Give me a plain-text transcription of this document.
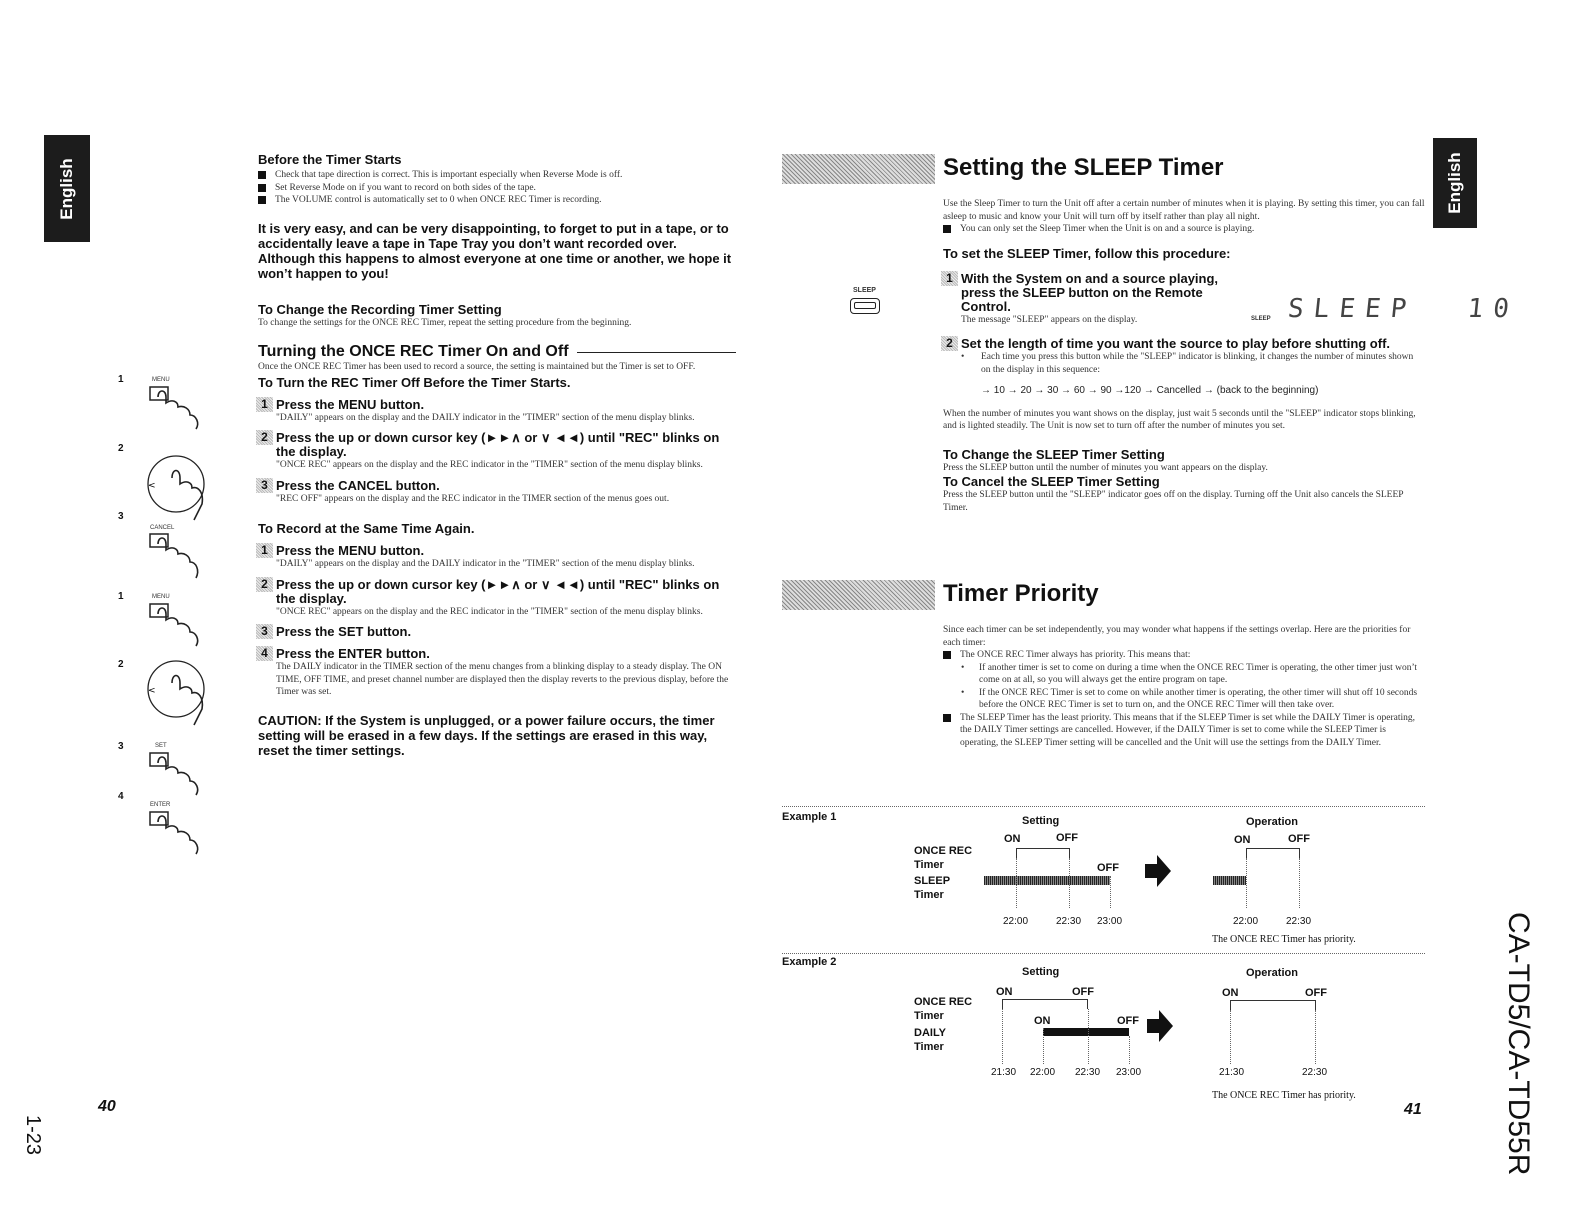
English	English
1	MENU
2
<
3
CANCEL
1	MENU
2
<
3	SET
4
ENTER
Before the Timer Starts
Check that tape direction is correct. This is important especially when Reverse Mode is off.
Set Reverse Mode on if you want to record on both sides of the tape.
The VOLUME control is automatically set to 0 when ONCE REC Timer is recording.

It is very easy, and can be very disappointing, to forget to put in a tape, or to accidentally leave a tape in Tape Tray you don’t want recorded over. Although this happens to almost everyone at one time or another, we hope it won’t happen to you!

To Change the Recording Timer Setting

To change the settings for the ONCE REC Timer, repeat the setting procedure from the beginning.

Turning the ONCE REC Timer On and Off

Once the ONCE REC Timer has been used to record a source, the setting is maintained but the Timer is set to OFF.

To Turn the REC Timer Off Before the Timer Starts.
1 Press the MENU button.

"DAILY" appears on the display and the DAILY indicator in the "TIMER" section of the menu display blinks.

2 Press the up or down cursor key (►►∧ or ∨ ◄◄) until "REC" blinks on the display.

"ONCE REC" appears on the display and the REC indicator in the "TIMER" section of the menu display blinks.

3 Press the CANCEL button.

"REC OFF" appears on the display and the REC indicator in the TIMER section of the menus goes out.

To Record at the Same Time Again.
1 Press the MENU button.

"DAILY" appears on the display and the DAILY indicator in the "TIMER" section of the menu display blinks.

2 Press the up or down cursor key (►►∧ or ∨ ◄◄) until "REC" blinks on the display.

"ONCE REC" appears on the display and the REC indicator in the "TIMER" section of the menu display blinks.

3 Press the SET button.
4 Press the ENTER button.

The DAILY indicator in the TIMER section of the menu changes from a blinking display to a steady display. The ON TIME, OFF TIME, and preset channel number are displayed then the display reverts to the previous display, before the Timer was set.

CAUTION: If the System is unplugged, or a power failure occurs, the timer setting will be erased in a few days. If the settings are erased in this way, reset the timer settings.

40
1-23
Setting the SLEEP Timer

Use the Sleep Timer to turn the Unit off after a certain number of minutes when it is playing. By setting this timer, you can fall asleep to music and know your Unit will turn off by itself rather than play all night.

You can only set the Sleep Timer when the Unit is on and a source is playing.
To set the SLEEP Timer, follow this procedure:
1 With the System on and a source playing, press the SLEEP button on the Remote Control.

The message "SLEEP" appears on the display.	SLEEP SLEEP  10
2 Set the length of time you want the source to play before shutting off.
• Each time you press this button while the "SLEEP" indicator is blinking, it changes the number of minutes shown on the display in this sequence:

→ 10 → 20 → 30 → 60 → 90 →120 → Cancelled → (back to the beginning)

When the number of minutes you want shows on the display, just wait 5 seconds until the "SLEEP" indicator stops blinking, and is lighted steadily. The Unit is now set to turn off after the number of minutes you set.

To Change the SLEEP Timer Setting

Press the SLEEP button until the number of minutes you want appears on the display.

To Cancel the SLEEP Timer Setting

Press the SLEEP button until the "SLEEP" indicator goes off on the display. Turning off the Unit also cancels the SLEEP Timer.

SLEEP
Timer Priority

Since each timer can be set independently, you may wonder what happens if the settings overlap. Here are the priorities for each timer:

The ONCE REC Timer always has priority. This means that:
• If another timer is set to come on during a time when the ONCE REC Timer is operating, the other timer just won’t come on at all, so you will always get the entire program on tape.
• If the ONCE REC Timer is set to come on while another timer is operating, the other timer will shut off 10 seconds before the ONCE REC Timer is set to turn on, and the ONCE REC Timer will then take over.
The SLEEP Timer has the least priority. This means that if the SLEEP Timer is set while the DAILY Timer is operating, the DAILY Timer settings are cancelled. However, if the DAILY Timer is set to come while the SLEEP Timer is operating, the SLEEP Timer setting will be cancelled and the Unit will use the settings from the DAILY Timer.
Example 1	Setting	Operation
ON	OFF	ON	OFF
ONCE REC Timer
SLEEP Timer
OFF
22:00	22:30 23:00	22:00	22:30
The ONCE REC Timer has priority.
Example 2
Setting	Operation
ON	OFF	ON	OFF
ONCE REC Timer
DAILY Timer
ON	OFF
21:30 22:00 22:30 23:00	21:30	22:30
The ONCE REC Timer has priority.
41	CA-TD5/CA-TD55R
